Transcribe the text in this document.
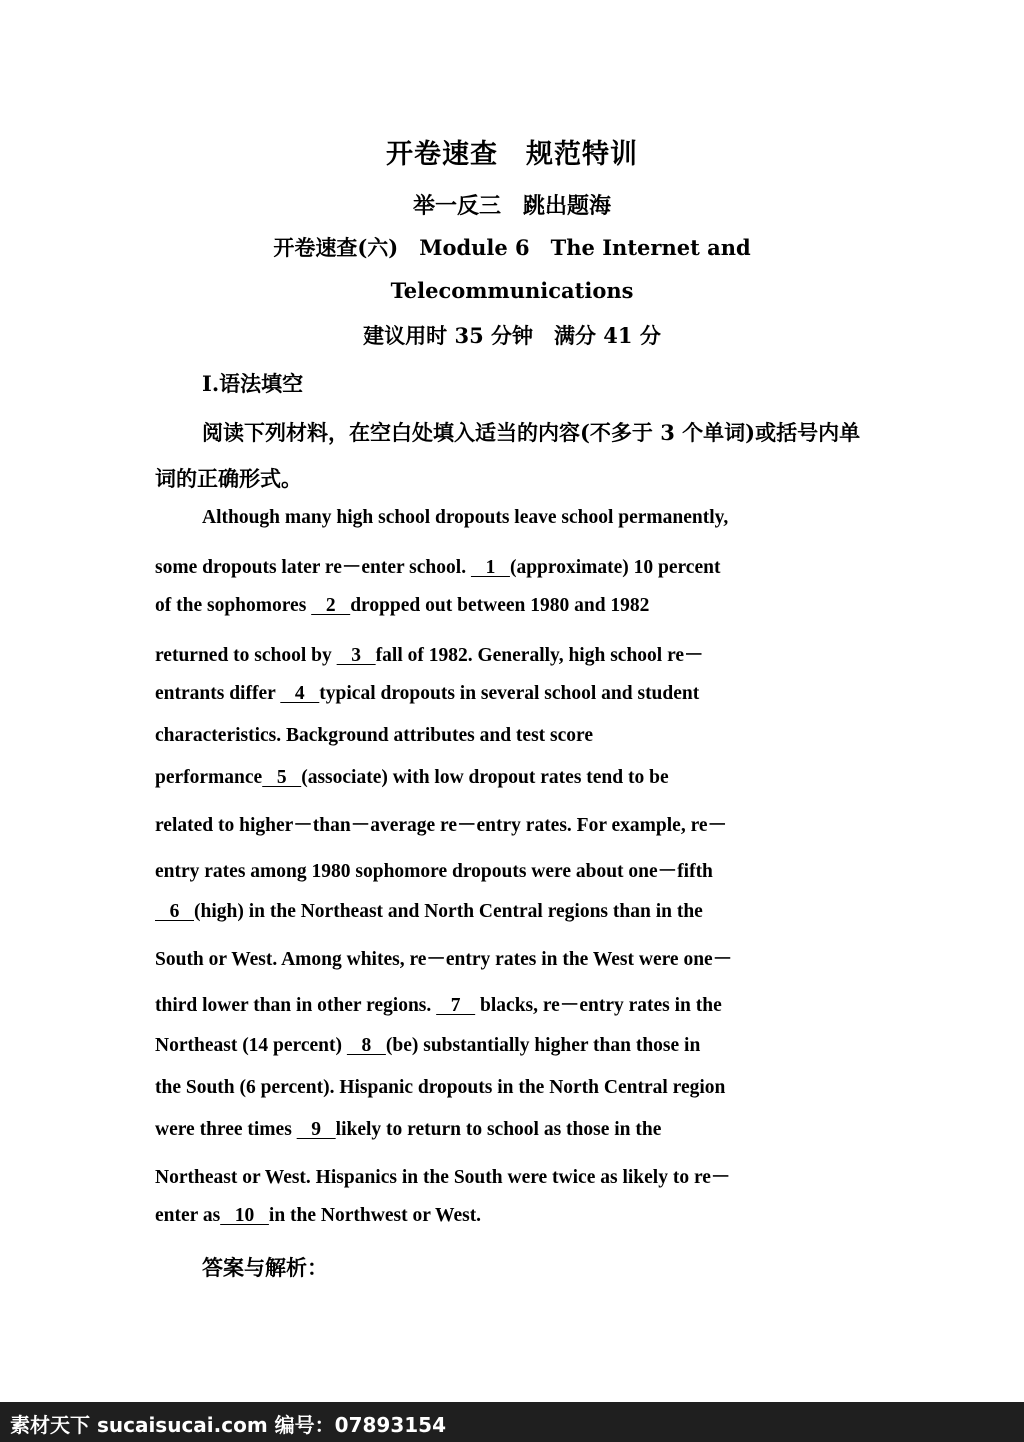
开卷速查　规范特训
举一反三　跳出题海
开卷速查(六)　Module 6　The Internet and
Telecommunications
建议用时 35 分钟　满分 41 分
Ⅰ.语法填空
阅读下列材料，在空白处填入适当的内容(不多于 3 个单词)或括号内单词的正确形式。
Although many high school dropouts leave school permanently,
some dropouts later re－enter school.    1   (approximate) 10 percent
of the sophomores    2   dropped out between 1980 and 1982
returned to school by    3   fall of 1982. Generally, high school re－
entrants differ    4   typical dropouts in several school and student
characteristics. Background attributes and test score
performance   5   (associate) with low dropout rates tend to be
related to higher－than－average re－entry rates. For example, re－
entry rates among 1980 sophomore dropouts were about one－fifth
6   (high) in the Northeast and North Central regions than in the
South or West. Among whites, re－entry rates in the West were one－
third lower than in other regions.    7    blacks, re－entry rates in the
Northeast (14 percent)    8   (be) substantially higher than those in
the South (6 percent). Hispanic dropouts in the North Central region
were three times    9   likely to return to school as those in the
Northeast or West. Hispanics in the South were twice as likely to re－
enter as   10   in the Northwest or West.
答案与解析：
素材天下 sucaisucai.com 编号：07893154
